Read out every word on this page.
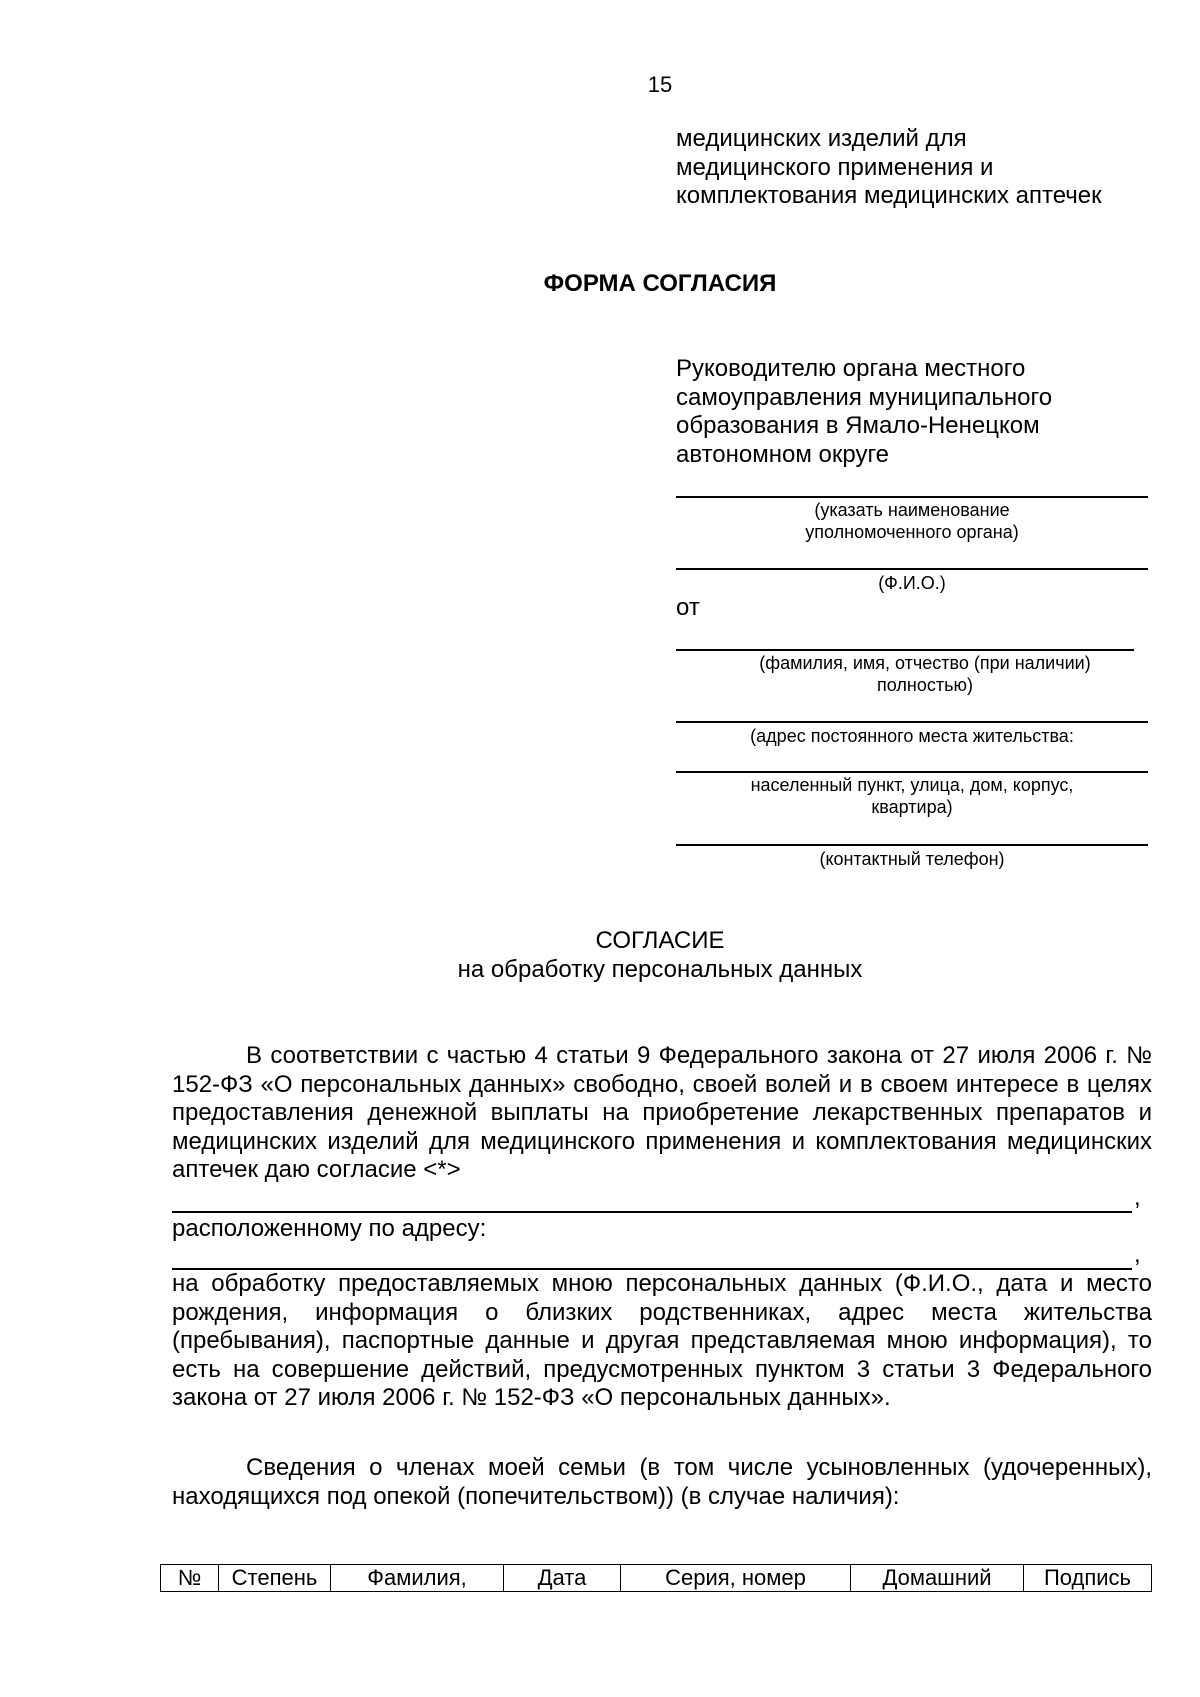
15
медицинских изделий для
медицинского применения и
комплектования медицинских аптечек
ФОРМА СОГЛАСИЯ
Руководителю органа местного
самоуправления муниципального
образования в Ямало-Ненецком
автономном округе
(указать наименование
уполномоченного органа)
(Ф.И.О.)
от
(фамилия, имя, отчество (при наличии)
полностью)
(адрес постоянного места жительства:
населенный пункт, улица, дом, корпус,
квартира)
(контактный телефон)
СОГЛАСИЕ
на обработку персональных данных
В соответствии с частью 4 статьи 9 Федерального закона от 27 июля 2006 г. № 152-ФЗ «О персональных данных» свободно, своей волей и в своем интересе в целях предоставления денежной выплаты на приобретение лекарственных препаратов и медицинских изделий для медицинского применения и комплектования медицинских аптечек даю согласие <*>
,
расположенному по адресу:
,
на обработку предоставляемых мною персональных данных (Ф.И.О., дата и место рождения, информация о близких родственниках, адрес места жительства (пребывания), паспортные данные и другая представляемая мною информация), то есть на совершение действий, предусмотренных пунктом 3 статьи 3 Федерального закона от 27 июля 2006 г. № 152-ФЗ «О персональных данных».
Сведения о членах моей семьи (в том числе усыновленных (удочеренных), находящихся под опекой (попечительством)) (в случае наличия):
№	Степень	Фамилия,	Дата	Серия, номер	Домашний	Подпись
